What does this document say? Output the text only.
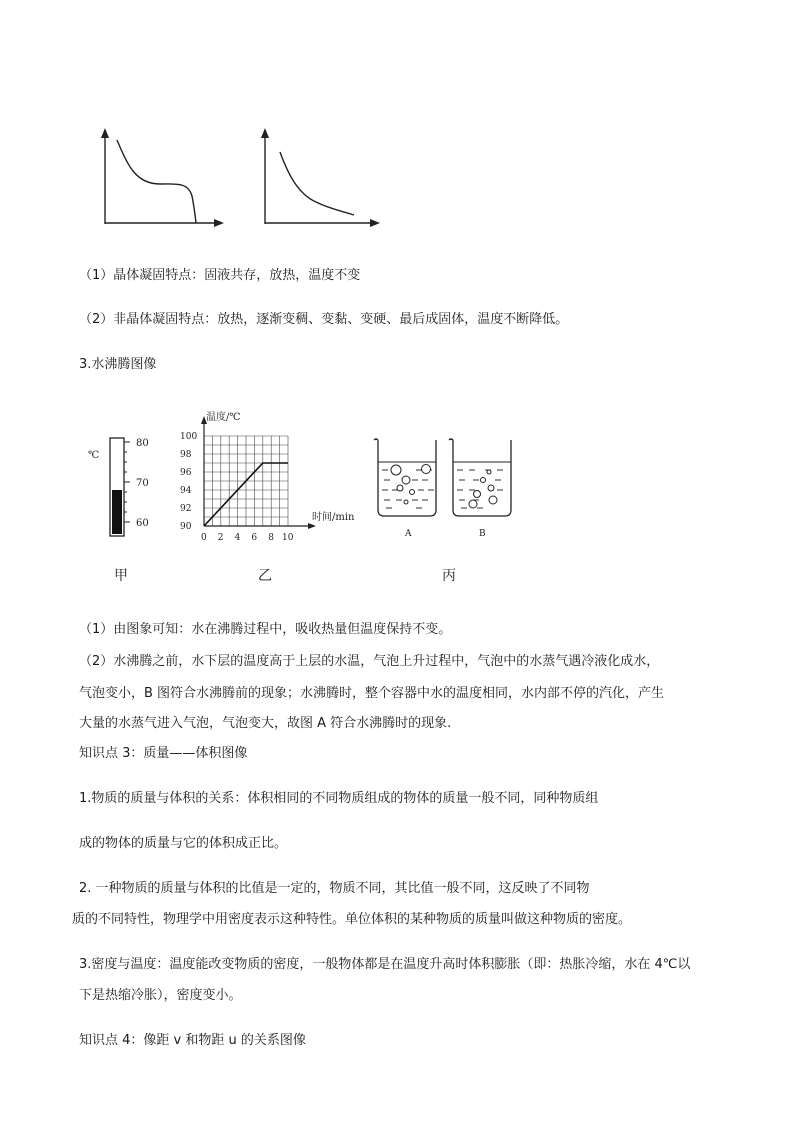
（1）晶体凝固特点：固液共存，放热，温度不变
（2）非晶体凝固特点：放热，逐渐变稠、变黏、变硬、最后成固体，温度不断降低。
3.水沸腾图像
℃
80
70
60
甲
温度/℃
时间/min
100
98
96
94
92
90
0 2 4 6 8 10
乙
A	B
丙
（1）由图象可知：水在沸腾过程中，吸收热量但温度保持不变。
（2）水沸腾之前，水下层的温度高于上层的水温，气泡上升过程中，气泡中的水蒸气遇冷液化成水，
气泡变小，B 图符合水沸腾前的现象；水沸腾时，整个容器中水的温度相同，水内部不停的汽化，产生
大量的水蒸气进入气泡，气泡变大，故图 A 符合水沸腾时的现象.
知识点 3：质量——体积图像
1.物质的质量与体积的关系：体积相同的不同物质组成的物体的质量一般不同，同种物质组
成的物体的质量与它的体积成正比。
2. 一种物质的质量与体积的比值是一定的，物质不同，其比值一般不同，这反映了不同物
质的不同特性，物理学中用密度表示这种特性。单位体积的某种物质的质量叫做这种物质的密度。
3.密度与温度：温度能改变物质的密度，一般物体都是在温度升高时体积膨胀（即：热胀冷缩，水在 4℃以
下是热缩冷胀），密度变小。
知识点 4：像距 v 和物距 u 的关系图像
